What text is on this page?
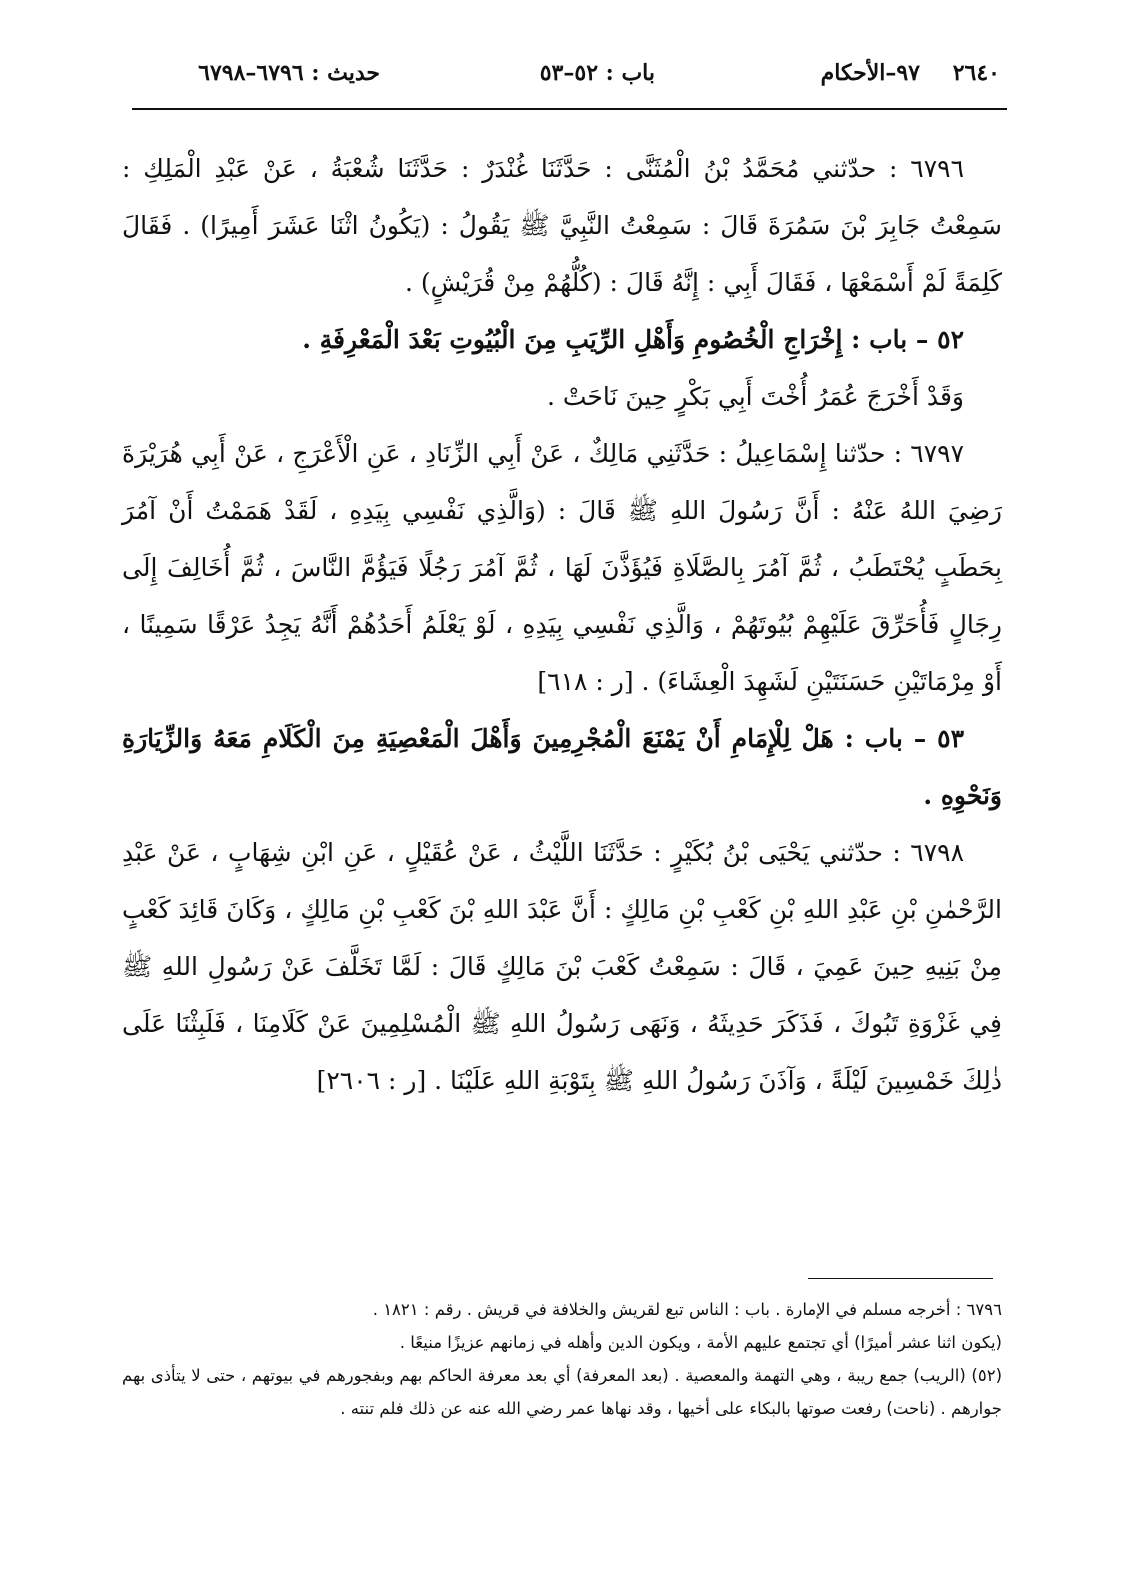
٢٦٤٠
٩٧–الأحكام
باب : ٥٢–٥٣
حديث : ٦٧٩٦–٦٧٩٨

٦٧٩٦ : حدّثني مُحَمَّدُ بْنُ الْمُثَنَّى : حَدَّثَنَا غُنْدَرٌ : حَدَّثَنَا شُعْبَةُ ، عَنْ عَبْدِ الْمَلِكِ : سَمِعْتُ جَابِرَ بْنَ سَمُرَةَ قَالَ : سَمِعْتُ النَّبِيَّ ﷺ يَقُولُ : (يَكُونُ اثْنَا عَشَرَ أَمِيرًا) . فَقَالَ كَلِمَةً لَمْ أَسْمَعْهَا ، فَقَالَ أَبِي : إِنَّهُ قَالَ : (كُلُّهُمْ مِنْ قُرَيْشٍ) .

٥٢ – باب : إِخْرَاجِ الْخُصُومِ وَأَهْلِ الرِّيَبِ مِنَ الْبُيُوتِ بَعْدَ الْمَعْرِفَةِ .

وَقَدْ أَخْرَجَ عُمَرُ أُخْتَ أَبِي بَكْرٍ حِينَ نَاحَتْ .

٦٧٩٧ : حدّثنا إِسْمَاعِيلُ : حَدَّثَنِي مَالِكٌ ، عَنْ أَبِي الزِّنَادِ ، عَنِ الْأَعْرَجِ ، عَنْ أَبِي هُرَيْرَةَ رَضِيَ اللهُ عَنْهُ : أَنَّ رَسُولَ اللهِ ﷺ قَالَ : (وَالَّذِي نَفْسِي بِيَدِهِ ، لَقَدْ هَمَمْتُ أَنْ آمُرَ بِحَطَبٍ يُحْتَطَبُ ، ثُمَّ آمُرَ بِالصَّلَاةِ فَيُؤَذَّنَ لَهَا ، ثُمَّ آمُرَ رَجُلًا فَيَؤُمَّ النَّاسَ ، ثُمَّ أُخَالِفَ إِلَى رِجَالٍ فَأُحَرِّقَ عَلَيْهِمْ بُيُوتَهُمْ ، وَالَّذِي نَفْسِي بِيَدِهِ ، لَوْ يَعْلَمُ أَحَدُهُمْ أَنَّهُ يَجِدُ عَرْقًا سَمِينًا ، أَوْ مِرْمَاتَيْنِ حَسَنَتَيْنِ لَشَهِدَ الْعِشَاءَ) . [ر : ٦١٨]

٥٣ – باب : هَلْ لِلْإِمَامِ أَنْ يَمْنَعَ الْمُجْرِمِينَ وَأَهْلَ الْمَعْصِيَةِ مِنَ الْكَلَامِ مَعَهُ وَالزِّيَارَةِ وَنَحْوِهِ .

٦٧٩٨ : حدّثني يَحْيَى بْنُ بُكَيْرٍ : حَدَّثَنَا اللَّيْثُ ، عَنْ عُقَيْلٍ ، عَنِ ابْنِ شِهَابٍ ، عَنْ عَبْدِ الرَّحْمٰنِ بْنِ عَبْدِ اللهِ بْنِ كَعْبِ بْنِ مَالِكٍ : أَنَّ عَبْدَ اللهِ بْنَ كَعْبِ بْنِ مَالِكٍ ، وَكَانَ قَائِدَ كَعْبٍ مِنْ بَنِيهِ حِينَ عَمِيَ ، قَالَ : سَمِعْتُ كَعْبَ بْنَ مَالِكٍ قَالَ : لَمَّا تَخَلَّفَ عَنْ رَسُولِ اللهِ ﷺ فِي غَزْوَةِ تَبُوكَ ، فَذَكَرَ حَدِيثَهُ ، وَنَهَى رَسُولُ اللهِ ﷺ الْمُسْلِمِينَ عَنْ كَلَامِنَا ، فَلَبِثْنَا عَلَى ذٰلِكَ خَمْسِينَ لَيْلَةً ، وَآذَنَ رَسُولُ اللهِ ﷺ بِتَوْبَةِ اللهِ عَلَيْنَا . [ر : ٢٦٠٦]

٦٧٩٦ : أخرجه مسلم في الإمارة . باب : الناس تبع لقريش والخلافة في قريش . رقم : ١٨٢١ .

(يكون اثنا عشر أميرًا) أي تجتمع عليهم الأمة ، ويكون الدين وأهله في زمانهم عزيزًا منيعًا .

(٥٢) (الريب) جمع ريبة ، وهي التهمة والمعصية . (بعد المعرفة) أي بعد معرفة الحاكم بهم وبفجورهم في بيوتهم ، حتى لا يتأذى بهم جوارهم . (ناحت) رفعت صوتها بالبكاء على أخيها ، وقد نهاها عمر رضي الله عنه عن ذلك فلم تنته .
